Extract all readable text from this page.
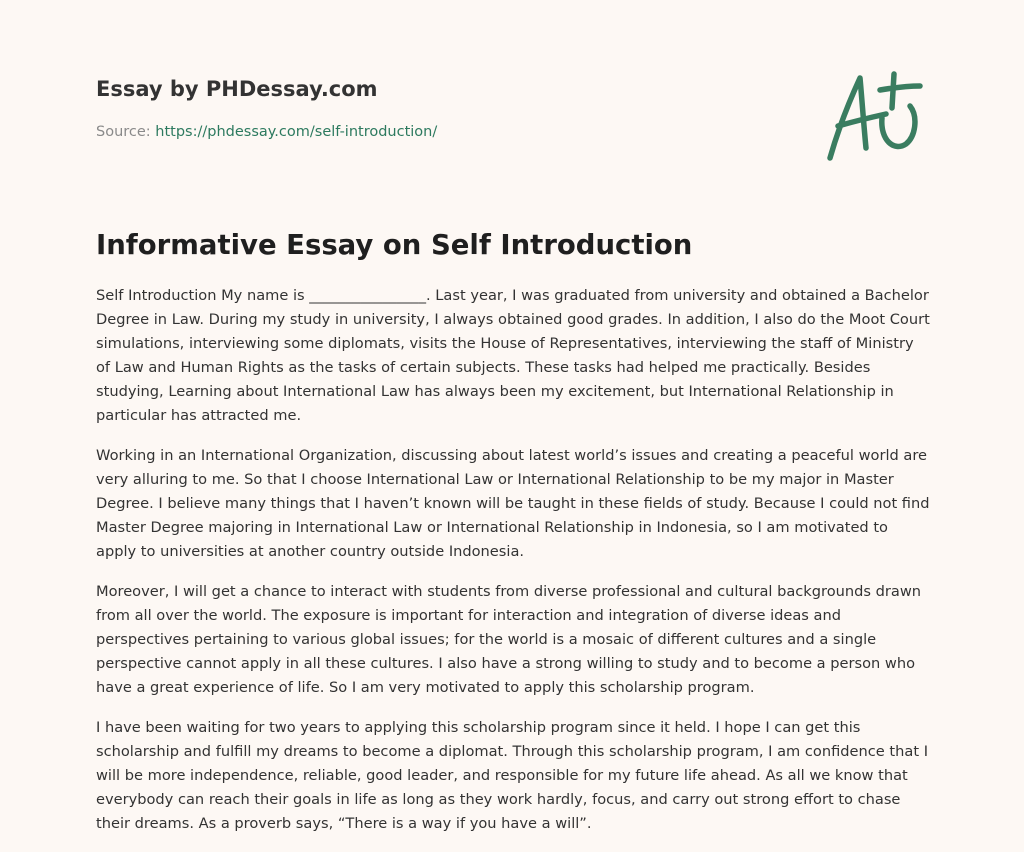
Essay by PHDessay.com
Source: https://phdessay.com/self-introduction/
Informative Essay on Self Introduction

Self Introduction My name is ________________. Last year, I was graduated from university and obtained a Bachelor Degree in Law. During my study in university, I always obtained good grades. In addition, I also do the Moot Court simulations, interviewing some diplomats, visits the House of Representatives, interviewing the staff of Ministry of Law and Human Rights as the tasks of certain subjects. These tasks had helped me practically. Besides studying, Learning about International Law has always been my excitement, but International Relationship in particular has attracted me.

Working in an International Organization, discussing about latest world’s issues and creating a peaceful world are very alluring to me. So that I choose International Law or International Relationship to be my major in Master Degree. I believe many things that I haven’t known will be taught in these fields of study. Because I could not find Master Degree majoring in International Law or International Relationship in Indonesia, so I am motivated to apply to universities at another country outside Indonesia.

Moreover, I will get a chance to interact with students from diverse professional and cultural backgrounds drawn from all over the world. The exposure is important for interaction and integration of diverse ideas and perspectives pertaining to various global issues; for the world is a mosaic of different cultures and a single perspective cannot apply in all these cultures. I also have a strong willing to study and to become a person who have a great experience of life. So I am very motivated to apply this scholarship program.

I have been waiting for two years to applying this scholarship program since it held. I hope I can get this scholarship and fulfill my dreams to become a diplomat. Through this scholarship program, I am confidence that I will be more independence, reliable, good leader, and responsible for my future life ahead. As all we know that everybody can reach their goals in life as long as they work hardly, focus, and carry out strong effort to chase their dreams. As a proverb says, “There is a way if you have a will”.
